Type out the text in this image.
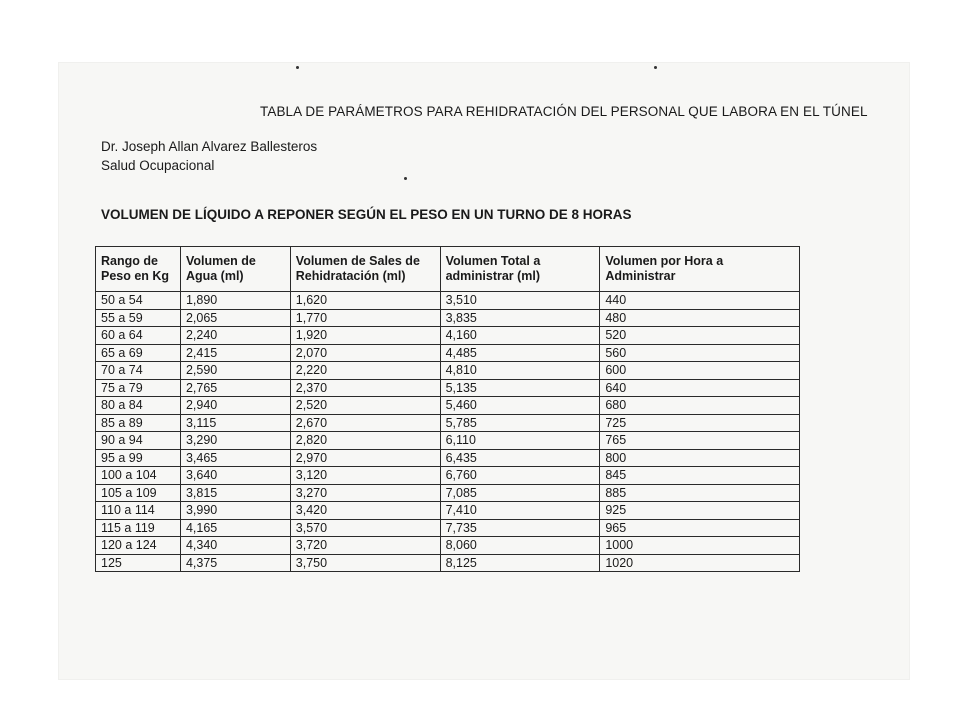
TABLA DE PARÁMETROS PARA REHIDRATACIÓN DEL PERSONAL QUE LABORA EN EL TÚNEL
Dr. Joseph Allan Alvarez Ballesteros
Salud Ocupacional
VOLUMEN DE LÍQUIDO A REPONER SEGÚN EL PESO EN UN TURNO DE 8 HORAS
Rango de Peso en Kg	Volumen de Agua (ml)	Volumen de Sales de Rehidratación (ml)	Volumen Total a administrar (ml)	Volumen por Hora a Administrar
50 a 54	1,890	1,620	3,510	440
55 a 59	2,065	1,770	3,835	480
60 a 64	2,240	1,920	4,160	520
65 a 69	2,415	2,070	4,485	560
70 a 74	2,590	2,220	4,810	600
75 a 79	2,765	2,370	5,135	640
80 a 84	2,940	2,520	5,460	680
85 a 89	3,115	2,670	5,785	725
90 a 94	3,290	2,820	6,110	765
95 a 99	3,465	2,970	6,435	800
100 a 104	3,640	3,120	6,760	845
105 a 109	3,815	3,270	7,085	885
110 a 114	3,990	3,420	7,410	925
115 a 119	4,165	3,570	7,735	965
120 a 124	4,340	3,720	8,060	1000
125	4,375	3,750	8,125	1020
